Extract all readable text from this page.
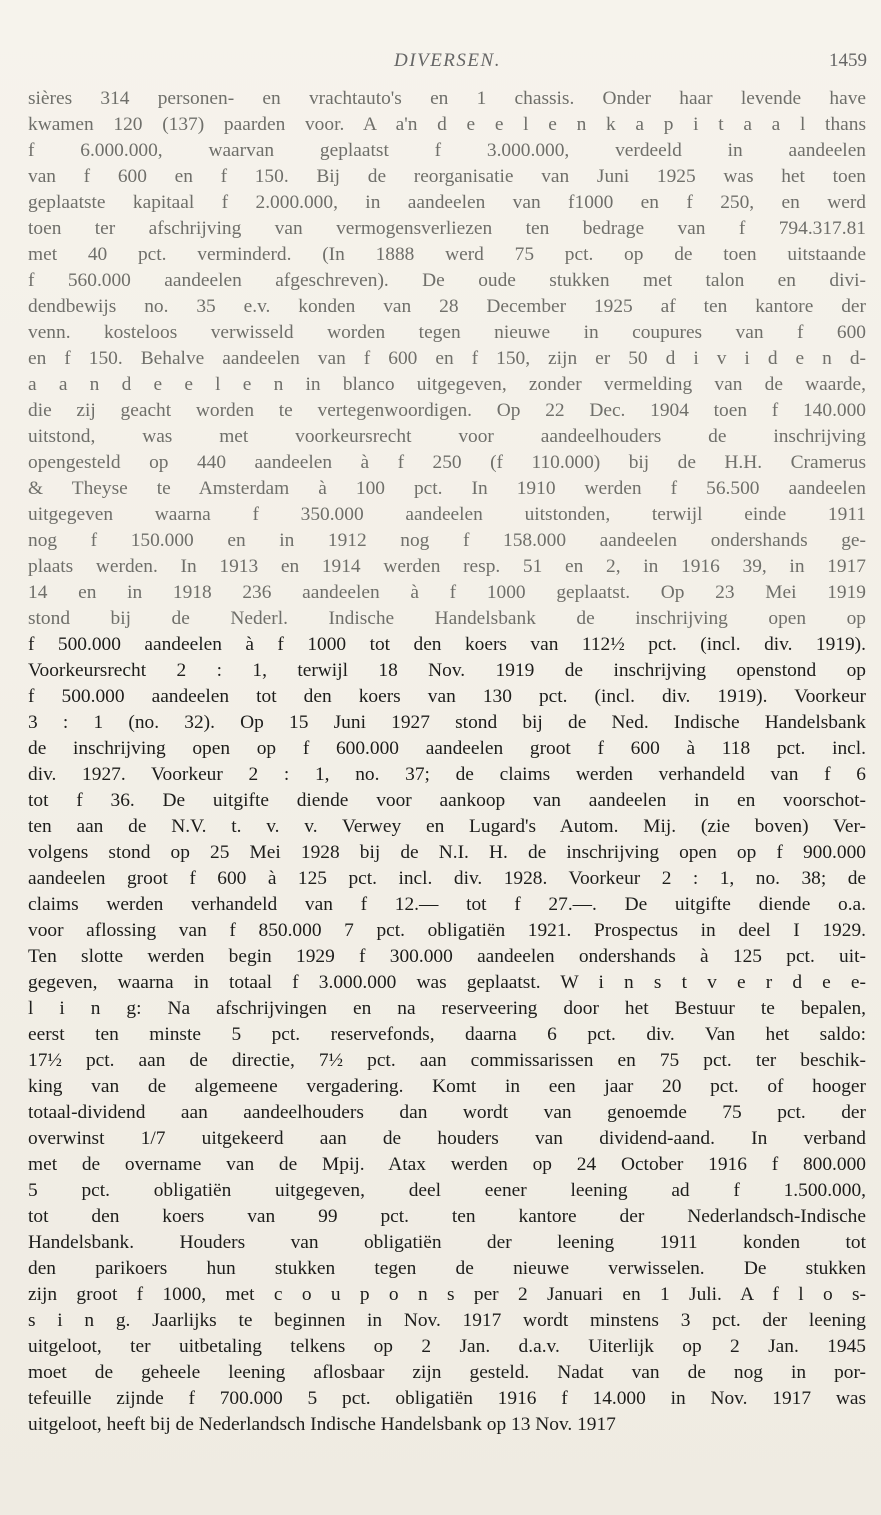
DIVERSEN.	1459
sières 314 personen- en vrachtauto's en 1 chassis. Onder haar levende have
kwamen 120 (137) paarden voor. A a'n d e e l e n k a p i t a a l thans
f 6.000.000, waarvan geplaatst f 3.000.000, verdeeld in aandeelen
van f 600 en f 150. Bij de reorganisatie van Juni 1925 was het toen
geplaatste kapitaal f 2.000.000, in aandeelen van f1000 en f 250, en werd
toen ter afschrijving van vermogensverliezen ten bedrage van f 794.317.81
met 40 pct. verminderd. (In 1888 werd 75 pct. op de toen uitstaande
f 560.000 aandeelen afgeschreven). De oude stukken met talon en divi-
dendbewijs no. 35 e.v. konden van 28 December 1925 af ten kantore der
venn. kosteloos verwisseld worden tegen nieuwe in coupures van f 600
en f 150. Behalve aandeelen van f 600 en f 150, zijn er 50 d i v i d e n d-
a a n d e e l e n in blanco uitgegeven, zonder vermelding van de waarde,
die zij geacht worden te vertegenwoordigen. Op 22 Dec. 1904 toen f 140.000
uitstond, was met voorkeursrecht voor aandeelhouders de inschrijving
opengesteld op 440 aandeelen à f 250 (f 110.000) bij de H.H. Cramerus
& Theyse te Amsterdam à 100 pct. In 1910 werden f 56.500 aandeelen
uitgegeven waarna f 350.000 aandeelen uitstonden, terwijl einde 1911
nog f 150.000 en in 1912 nog f 158.000 aandeelen ondershands ge-
plaats werden. In 1913 en 1914 werden resp. 51 en 2, in 1916 39, in 1917
14 en in 1918 236 aandeelen à f 1000 geplaatst. Op 23 Mei 1919
stond bij de Nederl. Indische Handelsbank de inschrijving open op
f 500.000 aandeelen à f 1000 tot den koers van 112½ pct. (incl. div. 1919).
Voorkeursrecht 2 : 1, terwijl 18 Nov. 1919 de inschrijving openstond op
f 500.000 aandeelen tot den koers van 130 pct. (incl. div. 1919). Voorkeur
3 : 1 (no. 32). Op 15 Juni 1927 stond bij de Ned. Indische Handelsbank
de inschrijving open op f 600.000 aandeelen groot f 600 à 118 pct. incl.
div. 1927. Voorkeur 2 : 1, no. 37; de claims werden verhandeld van f 6
tot f 36. De uitgifte diende voor aankoop van aandeelen in en voorschot-
ten aan de N.V. t. v. v. Verwey en Lugard's Autom. Mij. (zie boven) Ver-
volgens stond op 25 Mei 1928 bij de N.I. H. de inschrijving open op f 900.000
aandeelen groot f 600 à 125 pct. incl. div. 1928. Voorkeur 2 : 1, no. 38; de
claims werden verhandeld van f 12.— tot f 27.—. De uitgifte diende o.a.
voor aflossing van f 850.000 7 pct. obligatiën 1921. Prospectus in deel I 1929.
Ten slotte werden begin 1929 f 300.000 aandeelen ondershands à 125 pct. uit-
gegeven, waarna in totaal f 3.000.000 was geplaatst. W i n s t v e r d e e-
l i n g: Na afschrijvingen en na reserveering door het Bestuur te bepalen,
eerst ten minste 5 pct. reservefonds, daarna 6 pct. div. Van het saldo:
17½ pct. aan de directie, 7½ pct. aan commissarissen en 75 pct. ter beschik-
king van de algemeene vergadering. Komt in een jaar 20 pct. of hooger
totaal-dividend aan aandeelhouders dan wordt van genoemde 75 pct. der
overwinst 1/7 uitgekeerd aan de houders van dividend-aand. In verband
met de overname van de Mpij. Atax werden op 24 October 1916 f 800.000
5 pct. obligatiën uitgegeven, deel eener leening ad f 1.500.000,
tot den koers van 99 pct. ten kantore der Nederlandsch-Indische
Handelsbank. Houders van obligatiën der leening 1911 konden tot
den parikoers hun stukken tegen de nieuwe verwisselen. De stukken
zijn groot f 1000, met c o u p o n s per 2 Januari en 1 Juli. A f l o s-
s i n g. Jaarlijks te beginnen in Nov. 1917 wordt minstens 3 pct. der leening
uitgeloot, ter uitbetaling telkens op 2 Jan. d.a.v. Uiterlijk op 2 Jan. 1945
moet de geheele leening aflosbaar zijn gesteld. Nadat van de nog in por-
tefeuille zijnde f 700.000 5 pct. obligatiën 1916 f 14.000 in Nov. 1917 was
uitgeloot, heeft bij de Nederlandsch Indische Handelsbank op 13 Nov. 1917
